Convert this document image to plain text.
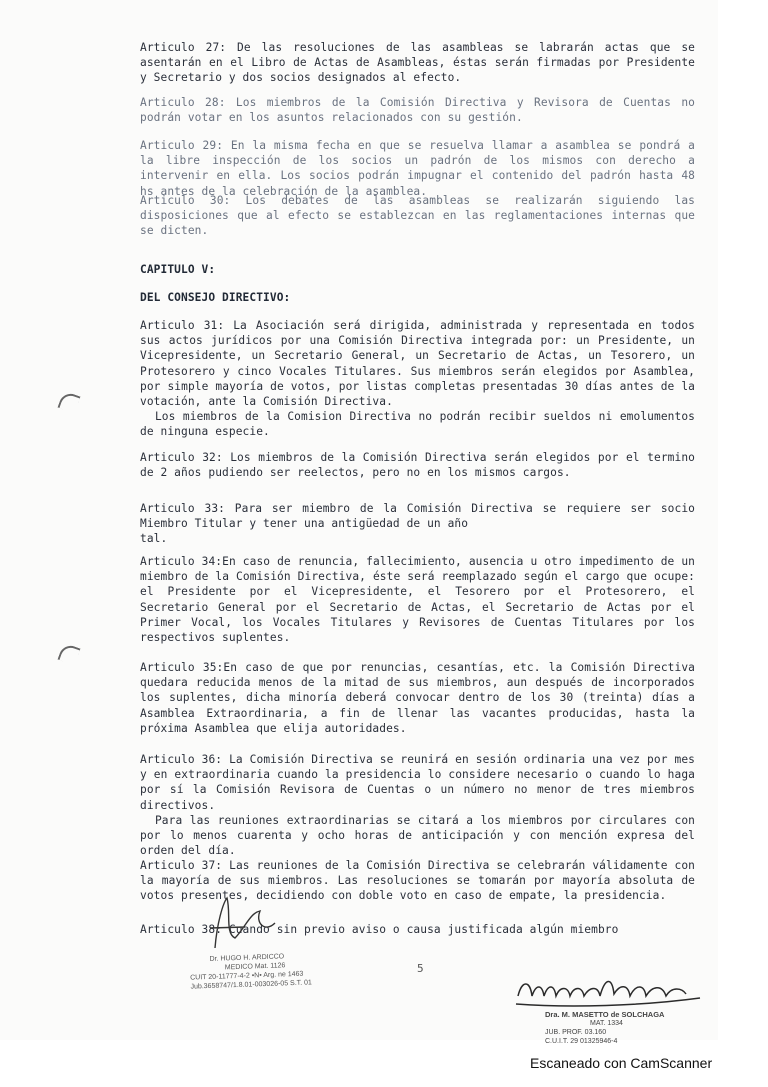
Articulo 27: De las resoluciones de las asambleas se labrarán actas que se asentarán en el Libro de Actas de Asambleas, éstas serán firmadas por Presidente y Secretario y dos socios designados al efecto.

Articulo 28: Los miembros de la Comisión Directiva y Revisora de Cuentas no podrán votar en los asuntos relacionados con su gestión.

Articulo 29: En la misma fecha en que se resuelva llamar a asamblea se pondrá a la libre inspección de los socios un padrón de los mismos con derecho a intervenir en ella. Los socios podrán impugnar el contenido del padrón hasta 48 hs antes de la celebración de la asamblea.

Articulo 30: Los debates de las asambleas se realizarán siguiendo las disposiciones que al efecto se establezcan en las reglamentaciones internas que se dicten.

CAPITULO V:

DEL CONSEJO DIRECTIVO:

Articulo 31: La Asociación será dirigida, administrada y representada en todos sus actos jurídicos por una Comisión Directiva integrada por: un Presidente, un Vicepresidente, un Secretario General, un Secretario de Actas, un Tesorero, un Protesorero y cinco Vocales Titulares. Sus miembros serán elegidos por Asamblea, por simple mayoría de votos, por listas completas presentadas 30 días antes de la votación, ante la Comisión Directiva.
Los miembros de la Comision Directiva no podrán recibir sueldos ni emolumentos de ninguna especie.

Articulo 32: Los miembros de la Comisión Directiva serán elegidos por el termino de 2 años pudiendo ser reelectos, pero no en los mismos cargos.

Articulo 33: Para ser miembro de la Comisión Directiva se requiere ser socio Miembro Titular y tener una antigüedad de un año
tal.

Articulo 34:En caso de renuncia, fallecimiento, ausencia u otro impedimento de un miembro de la Comisión Directiva, éste será reemplazado según el cargo que ocupe: el Presidente por el Vicepresidente, el Tesorero por el Protesorero, el Secretario General por el Secretario de Actas, el Secretario de Actas por el Primer Vocal, los Vocales Titulares y Revisores de Cuentas Titulares por los respectivos suplentes.

Articulo 35:En caso de que por renuncias, cesantías, etc. la Comisión Directiva quedara reducida menos de la mitad de sus miembros, aun después de incorporados los suplentes, dicha minoría deberá convocar dentro de los 30 (treinta) días a Asamblea Extraordinaria, a fin de llenar las vacantes producidas, hasta la próxima Asamblea que elija autoridades.

Articulo 36: La Comisión Directiva se reunirá en sesión ordinaria una vez por mes y en extraordinaria cuando la presidencia lo considere necesario o cuando lo haga por sí la Comisión Revisora de Cuentas o un número no menor de tres miembros directivos.
Para las reuniones extraordinarias se citará a los miembros por circulares con por lo menos cuarenta y ocho horas de anticipación y con mención expresa del orden del día.

Articulo 37: Las reuniones de la Comisión Directiva se celebrarán válidamente con la mayoría de sus miembros. Las resoluciones se tomarán por mayoría absoluta de votos presentes, decidiendo con doble voto en caso de empate, la presidencia.

Articulo 38: Cuando sin previo aviso o causa justificada algún miembro

Dr. HUGO H. ARDICCO
MEDICO Mat. 1126
CUIT 20-11777-4-2 •N• Arg. ne 1463
Jub.3658747/1.8.01-003026-05 S.T. 01
5
Dra. M. MASETTO de SOLCHAGA
MAT. 1334
JUB. PROF. 03.160
C.U.I.T. 29 01325946-4
Escaneado con CamScanner
